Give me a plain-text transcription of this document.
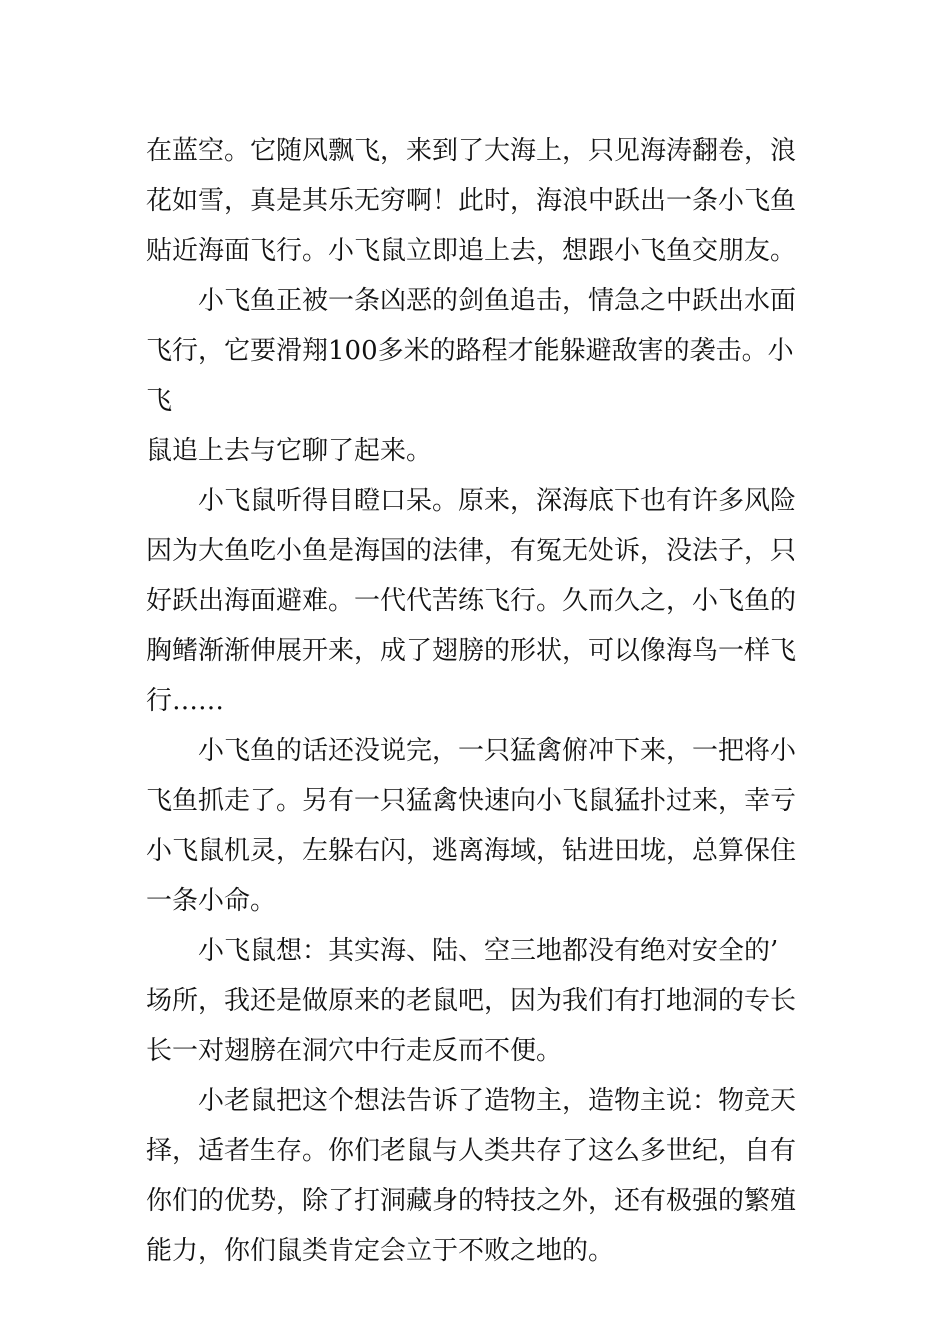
在蓝空。它随风飘飞，来到了大海上，只见海涛翻卷，浪
花如雪，真是其乐无穷啊！此时，海浪中跃出一条小飞鱼
贴近海面飞行。小飞鼠立即追上去，想跟小飞鱼交朋友。

　　小飞鱼正被一条凶恶的剑鱼追击，情急之中跃出水面
飞行，它要滑翔100多米的路程才能躲避敌害的袭击。小飞
鼠追上去与它聊了起来。

　　小飞鼠听得目瞪口呆。原来，深海底下也有许多风险
因为大鱼吃小鱼是海国的法律，有冤无处诉，没法子，只
好跃出海面避难。一代代苦练飞行。久而久之，小飞鱼的
胸鳍渐渐伸展开来，成了翅膀的形状，可以像海鸟一样飞
行……

　　小飞鱼的话还没说完，一只猛禽俯冲下来，一把将小
飞鱼抓走了。另有一只猛禽快速向小飞鼠猛扑过来，幸亏
小飞鼠机灵，左躲右闪，逃离海域，钻进田垅，总算保住
一条小命。

　　小飞鼠想：其实海、陆、空三地都没有绝对安全的’
场所，我还是做原来的老鼠吧，因为我们有打地洞的专长
长一对翅膀在洞穴中行走反而不便。

　　小老鼠把这个想法告诉了造物主，造物主说：物竞天
择，适者生存。你们老鼠与人类共存了这么多世纪，自有
你们的优势，除了打洞藏身的特技之外，还有极强的繁殖
能力，你们鼠类肯定会立于不败之地的。
